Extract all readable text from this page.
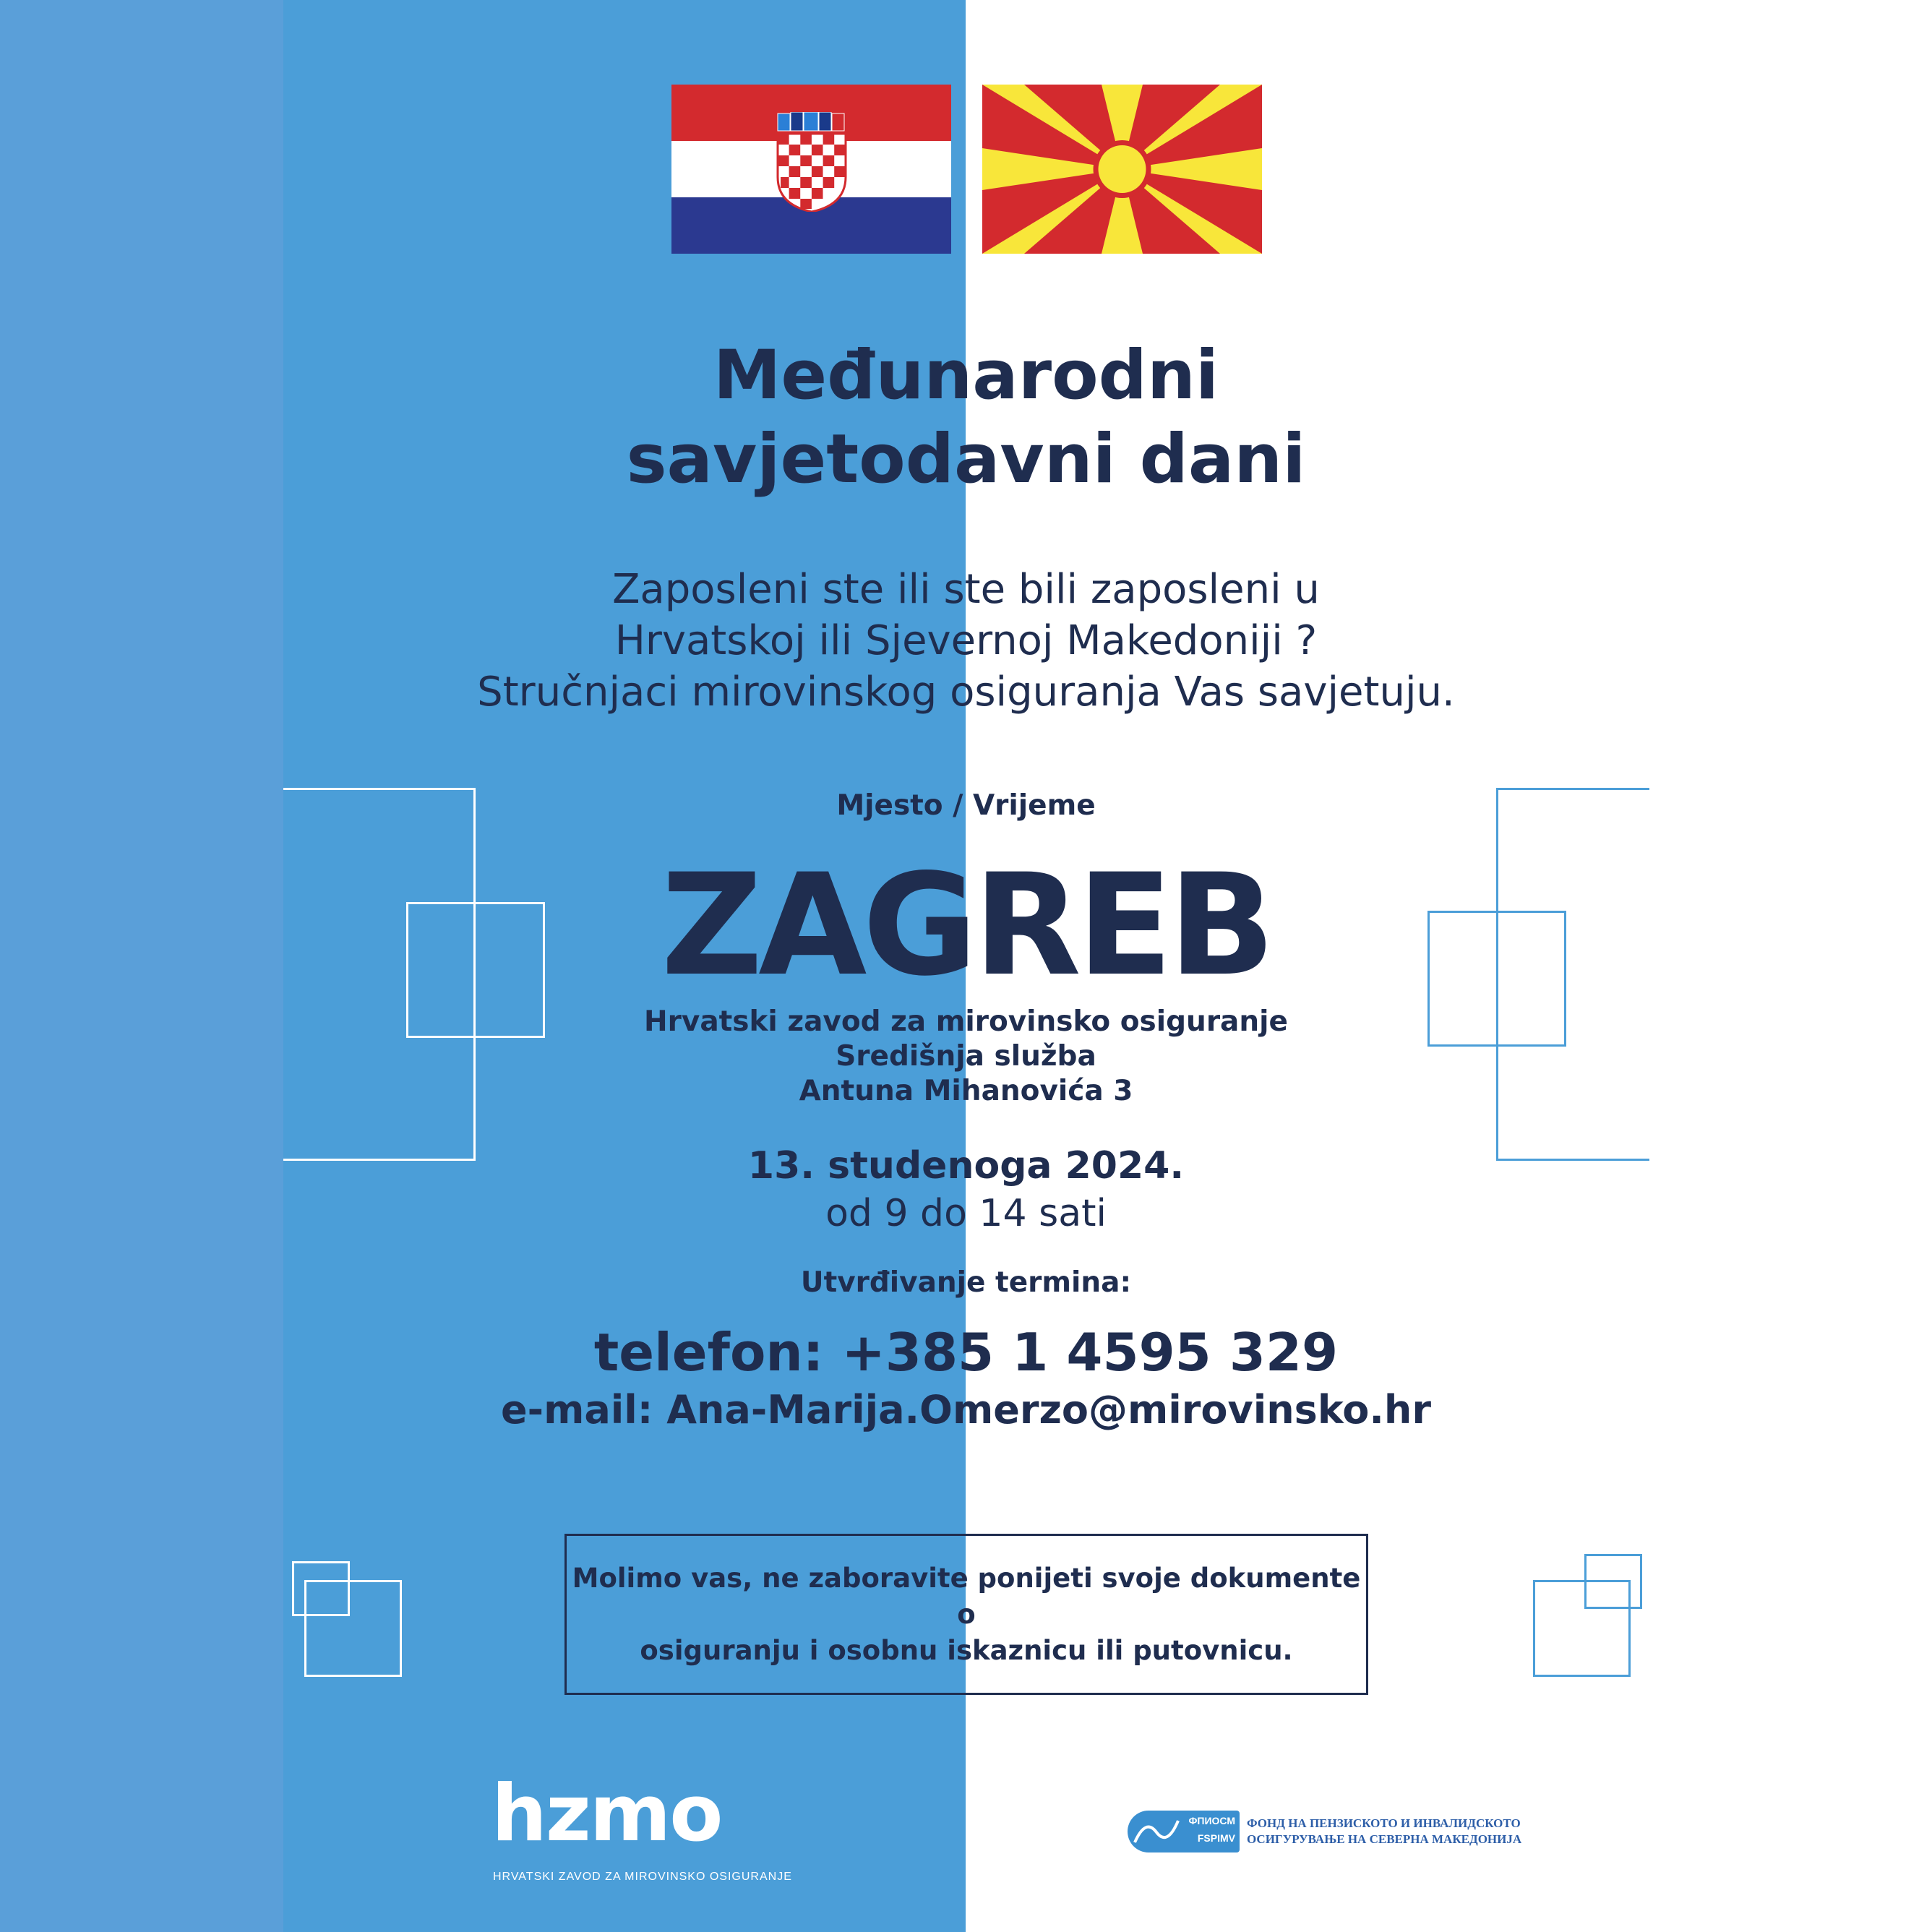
Međunarodni
savjetodavni dani

Zaposleni ste ili ste bili zaposleni u
Hrvatskoj ili Sjevernoj Makedoniji ?
Stručnjaci mirovinskog osiguranja Vas savjetuju.

Mjesto / Vrijeme

ZAGREB

Hrvatski zavod za mirovinsko osiguranje
Središnja služba
Antuna Mihanovića 3

13. studenoga 2024.

od 9 do 14 sati

Utvrđivanje termina:

telefon: +385 1 4595 329

e-mail: Ana-Marija.Omerzo@mirovinsko.hr

Molimo vas, ne zaboravite ponijeti svoje dokumente o
osiguranju i osobnu iskaznicu ili putovnicu.

hzmo

HRVATSKI ZAVOD ZA MIROVINSKO OSIGURANJE

ФПИОСМ
FSPIMV

ФОНД НА ПЕНЗИСКОТО И ИНВАЛИДСКОТО
ОСИГУРУВАЊЕ НА СЕВЕРНА МАКЕДОНИЈА
